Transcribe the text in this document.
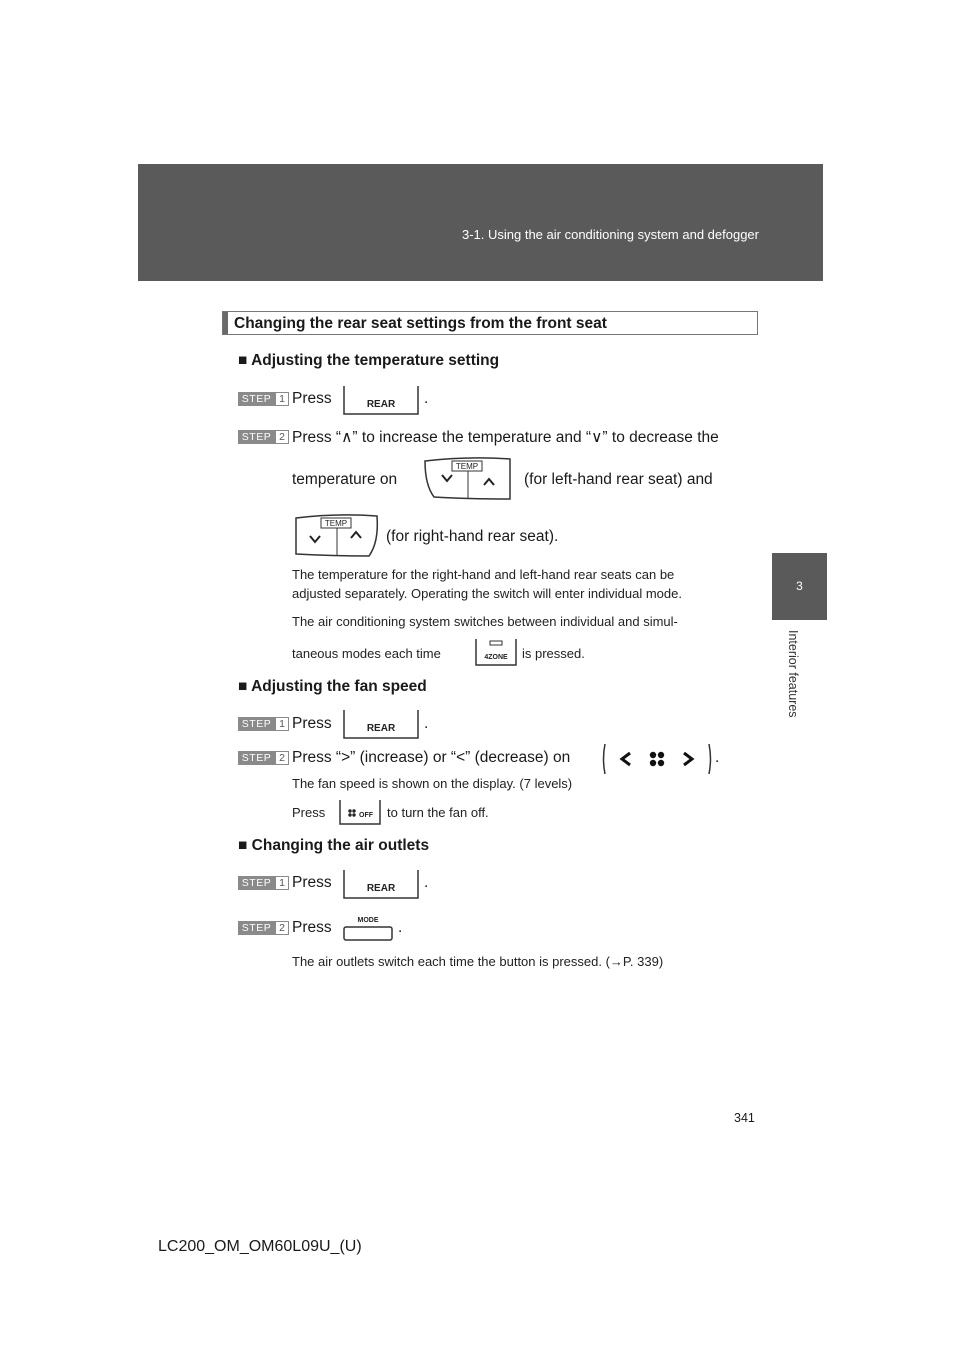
3-1. Using the air conditioning system and defogger
3
Interior features
Changing the rear seat settings from the front seat
■ Adjusting the temperature setting
STEP 1 Press	REAR .
STEP 2 Press “∧” to increase the temperature and “∨” to decrease the
temperature on
TEMP
(for left-hand rear seat) and
TEMP
(for right-hand rear seat).
The temperature for the right-hand and left-hand rear seats can be
adjusted separately. Operating the switch will enter individual mode.
The air conditioning system switches between individual and simul-
taneous modes each time	4ZONE is pressed.
■ Adjusting the fan speed
STEP 1 Press	REAR .
STEP 2 Press “>” (increase) or “<” (decrease) on	.
The fan speed is shown on the display. (7 levels)
Press	OFF to turn the fan off.
■ Changing the air outlets
STEP 1 Press	REAR .
STEP 2 Press	MODE .
The air outlets switch each time the button is pressed. (→P. 339)
341
LC200_OM_OM60L09U_(U)
